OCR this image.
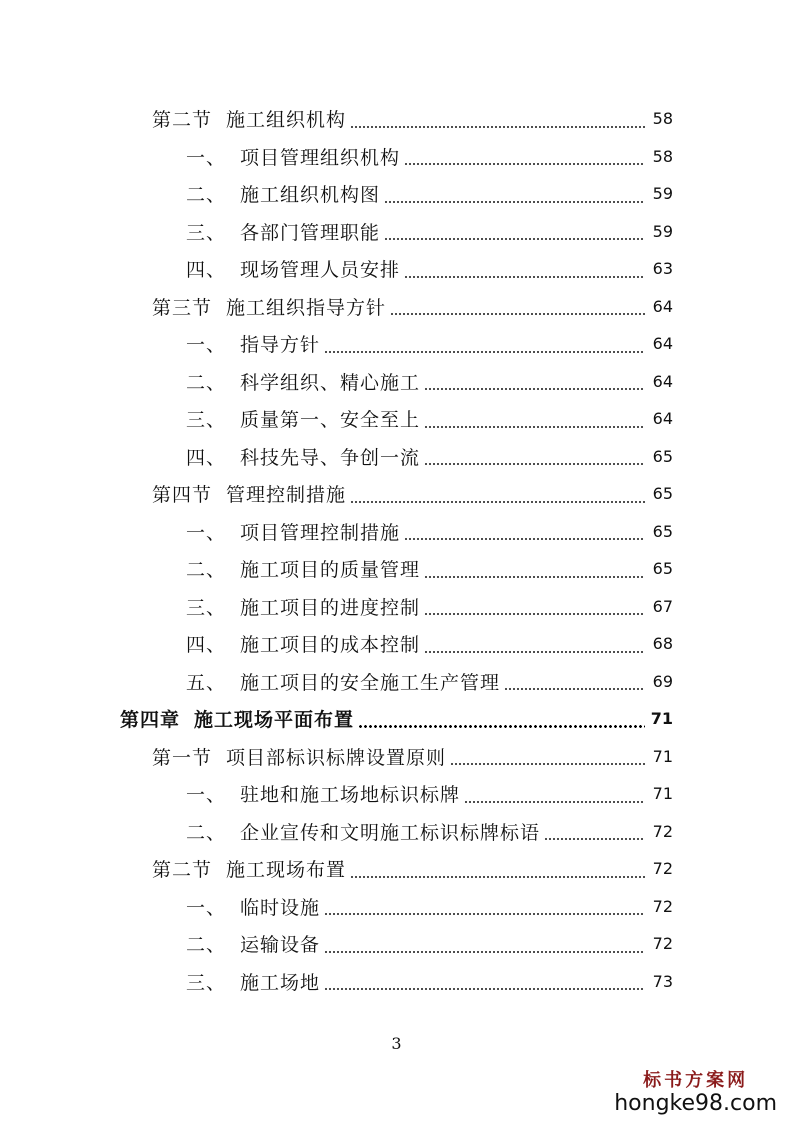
第二节 施工组织机构	58
一、 项目管理组织机构	58
二、 施工组织机构图	59
三、 各部门管理职能	59
四、 现场管理人员安排	63
第三节 施工组织指导方针	64
一、 指导方针	64
二、 科学组织、精心施工	64
三、 质量第一、安全至上	64
四、 科技先导、争创一流	65
第四节 管理控制措施	65
一、 项目管理控制措施	65
二、 施工项目的质量管理	65
三、 施工项目的进度控制	67
四、 施工项目的成本控制	68
五、 施工项目的安全施工生产管理	69
第四章 施工现场平面布置	71
第一节 项目部标识标牌设置原则	71
一、 驻地和施工场地标识标牌	71
二、 企业宣传和文明施工标识标牌标语	72
第二节 施工现场布置	72
一、 临时设施	72
二、 运输设备	72
三、 施工场地	73
3
标书方案网
hongke98.com
